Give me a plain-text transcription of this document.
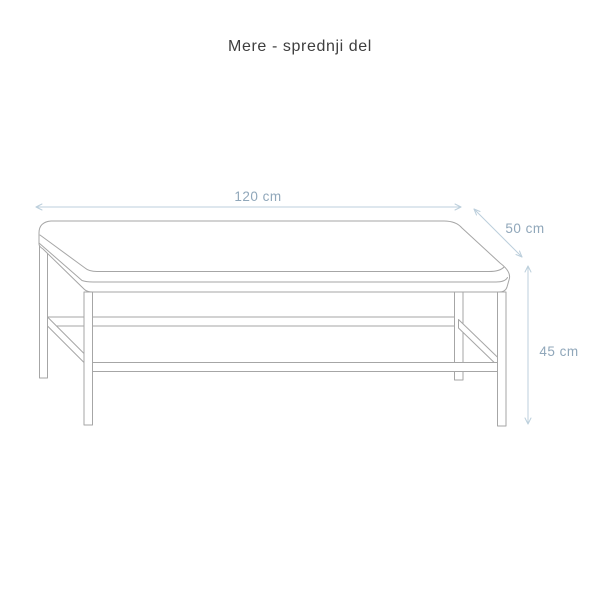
Mere - sprednji del
120 cm
50 cm
45 cm
